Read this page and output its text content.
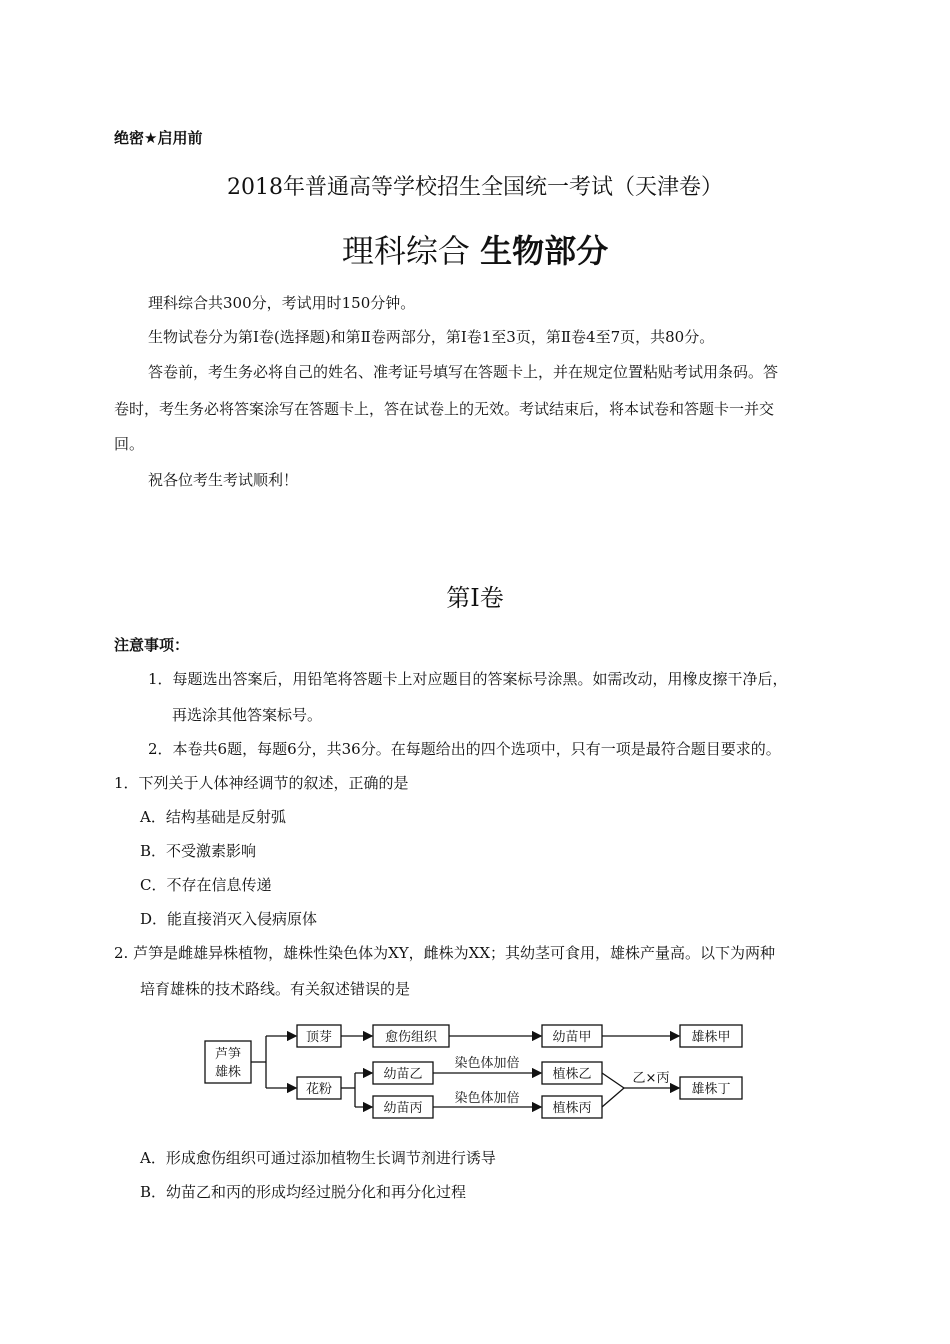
绝密★启用前
2018年普通高等学校招生全国统一考试（天津卷）
理科综合 生物部分
理科综合共300分，考试用时150分钟。
生物试卷分为第Ⅰ卷(选择题)和第Ⅱ卷两部分，第Ⅰ卷1至3页，第Ⅱ卷4至7页，共80分。
答卷前，考生务必将自己的姓名、准考证号填写在答题卡上，并在规定位置粘贴考试用条码。答
卷时，考生务必将答案涂写在答题卡上，答在试卷上的无效。考试结束后，将本试卷和答题卡一并交
回。
祝各位考生考试顺利！
第Ⅰ卷
注意事项：
1．每题选出答案后，用铅笔将答题卡上对应题目的答案标号涂黑。如需改动，用橡皮擦干净后，
再选涂其他答案标号。
2．本卷共6题，每题6分，共36分。在每题给出的四个选项中，只有一项是最符合题目要求的。
1．下列关于人体神经调节的叙述，正确的是
A．结构基础是反射弧
B．不受激素影响
C．不存在信息传递
D．能直接消灭入侵病原体
2. 芦笋是雌雄异株植物，雄株性染色体为XY，雌株为XX；其幼茎可食用，雄株产量高。以下为两种
培育雄株的技术路线。有关叙述错误的是
芦笋
雄株
顶芽	愈伤组织	幼苗甲	雄株甲
花粉
幼苗乙
幼苗丙
染色体加倍
染色体加倍
植株乙
植株丙
乙×丙
雄株丁
A．形成愈伤组织可通过添加植物生长调节剂进行诱导
B．幼苗乙和丙的形成均经过脱分化和再分化过程
